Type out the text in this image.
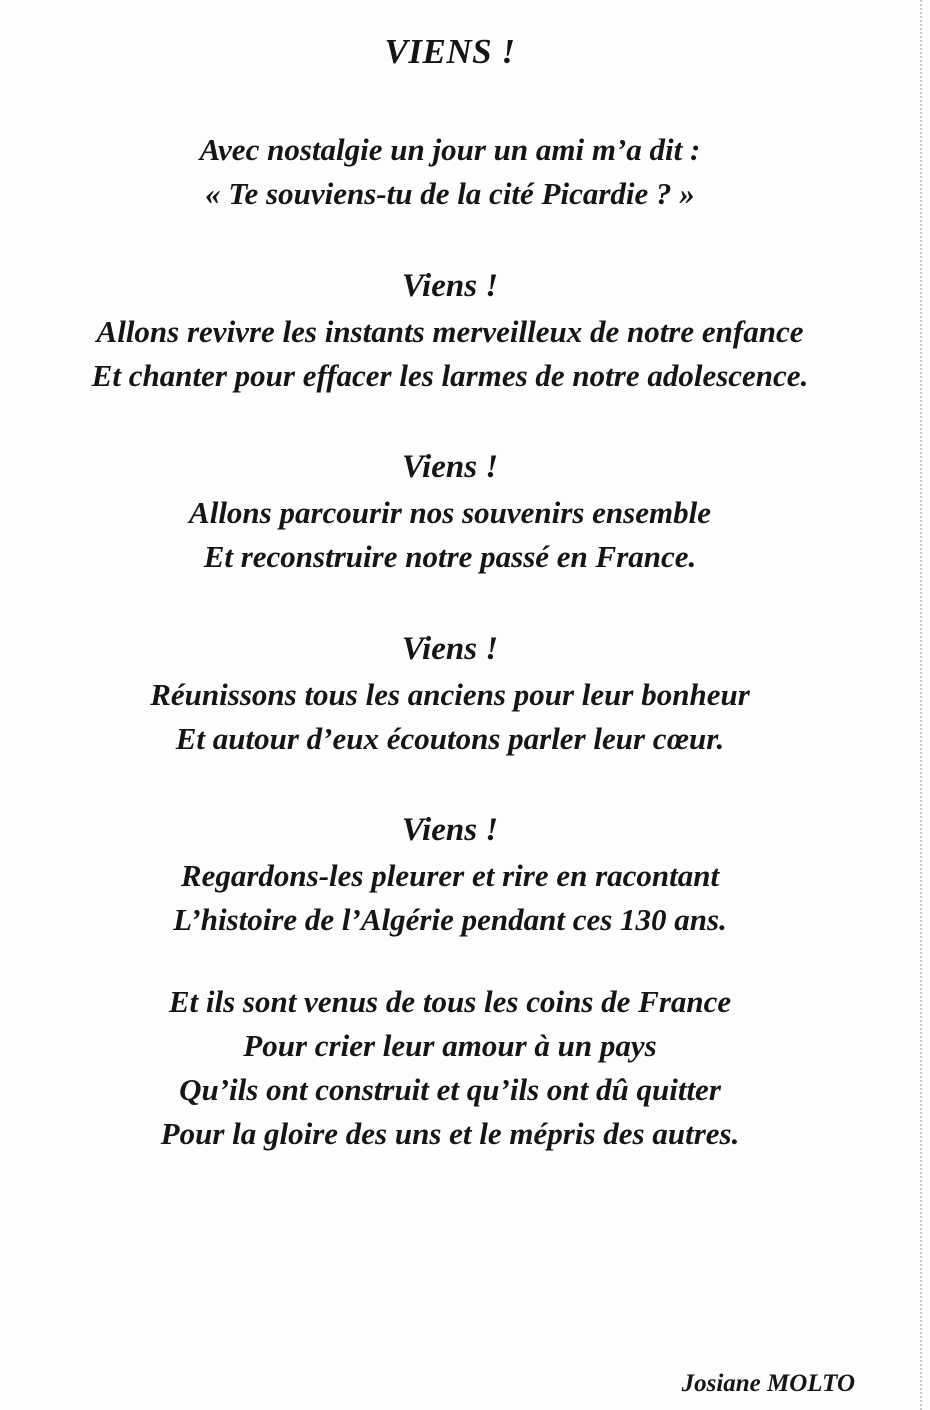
VIENS !
Avec nostalgie un jour un ami m’a dit :
« Te souviens-tu de la cité Picardie ? »
Viens !
Allons revivre les instants merveilleux de notre enfance
Et chanter pour effacer les larmes de notre adolescence.
Viens !
Allons parcourir nos souvenirs ensemble
Et reconstruire notre passé en France.
Viens !
Réunissons tous les anciens pour leur bonheur
Et autour d’eux écoutons parler leur cœur.
Viens !
Regardons-les pleurer et rire en racontant
L’histoire de l’Algérie pendant ces 130 ans.
Et ils sont venus de tous les coins de France
Pour crier leur amour à un pays
Qu’ils ont construit et qu’ils ont dû quitter
Pour la gloire des uns et le mépris des autres.
Josiane MOLTO
